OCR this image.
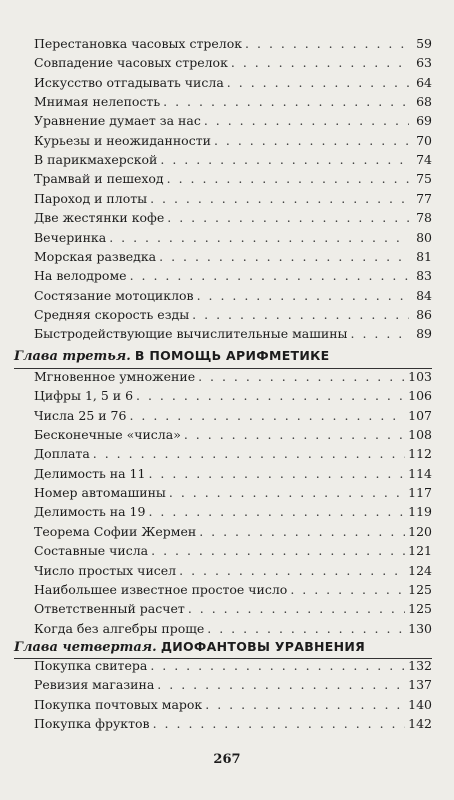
Перестановка часовых стрелок . . .	59
Совпадение часовых стрелок . . .	63
Искусство отгадывать числа . . .	64
Мнимая нелепость . . .	68
Уравнение думает за нас . . .	69
Курьезы и неожиданности . . .	70
В парикмахерской . . .	74
Трамвай и пешеход . . .	75
Пароход и плоты . . .	77
Две жестянки кофе . . .	78
Вечеринка . . .	80
Морская разведка . . .	81
На велодроме . . .	83
Состязание мотоциклов . . .	84
Средняя скорость езды . . .	86
Быстродействующие вычислительные машины . . .	89
Глава третья. В ПОМОЩЬ АРИФМЕТИКЕ
Мгновенное умножение . . .	103
Цифры 1, 5 и 6 . . .	106
Числа 25 и 76 . . .	107
Бесконечные «числа» . . .	108
Доплата . . .	112
Делимость на 11 . . .	114
Номер автомашины . . .	117
Делимость на 19 . . .	119
Теорема Софии Жермен . . .	120
Составные числа . . .	121
Число простых чисел . . .	124
Наибольшее известное простое число . . .	125
Ответственный расчет . . .	125
Когда без алгебры проще . . .	130
Глава четвертая. ДИОФАНТОВЫ УРАВНЕНИЯ
Покупка свитера . . .	132
Ревизия магазина . . .	137
Покупка почтовых марок . . .	140
Покупка фруктов . . .	142
267
